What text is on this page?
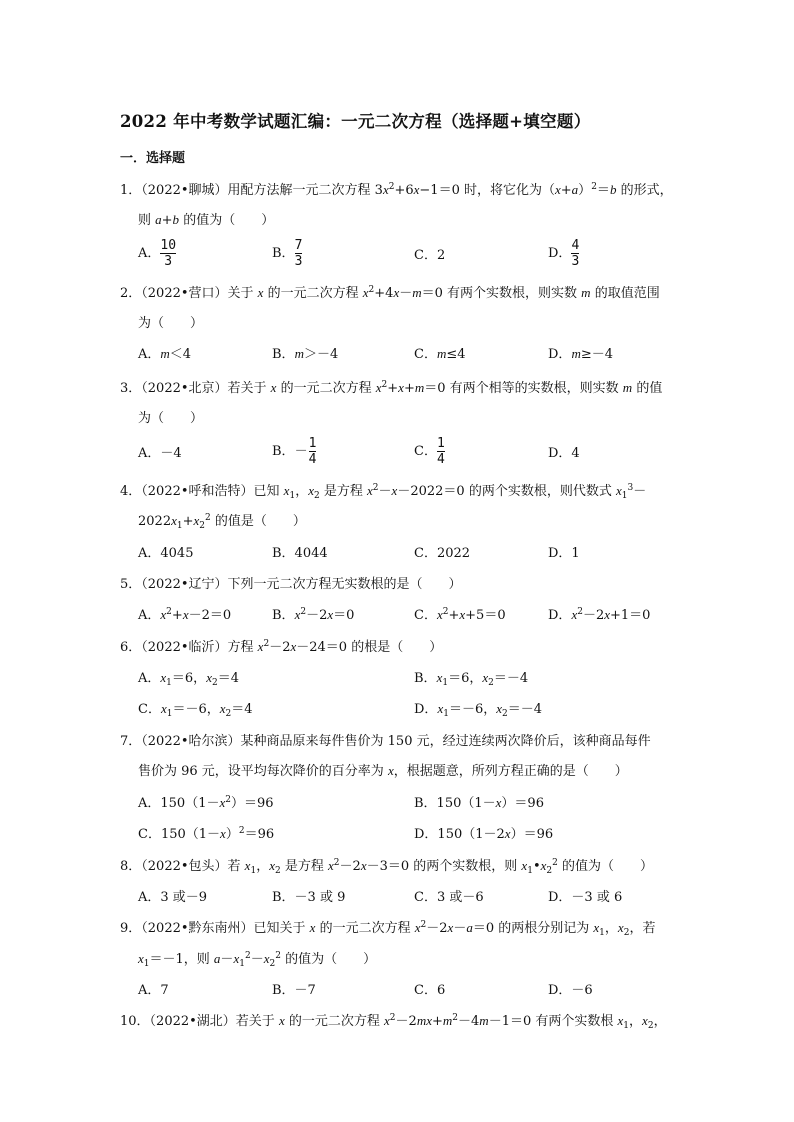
2022 年中考数学试题汇编：一元二次方程（选择题+填空题）
一．选择题
1．（2022•聊城）用配方法解一元二次方程 $3x^2+6x-1=0$ 时，将它化为$(x+a)^2=b$ 的形式，
则 a+b 的值为（　　）
A． $\frac{10}{3}$	B． $\frac{7}{3}$	C．2	D． $\frac{4}{3}$
2．（2022•营口）关于 x 的一元二次方程 $x^2+4x-m=0$ 有两个实数根，则实数 m 的取值范围
为（　　）
A．m＜4	B．m＞－4	C．m≤4	D．m≥－4
3．（2022•北京）若关于 x 的一元二次方程 $x^2+x+m=0$ 有两个相等的实数根，则实数 m 的值
为（　　）
A．－4	B．－ $\frac{1}{4}$	C． $\frac{1}{4}$	D．4
4．（2022•呼和浩特）已知 $x_1$，$x_2$ 是方程 $x^2-x-2022=0$ 的两个实数根，则代数式 $x_1^3-$
$2022x_1+x_2^2$ 的值是（　　）
A．4045	B．4044	C．2022	D．1
5．（2022•辽宁）下列一元二次方程无实数根的是（　　）
A．$x^2+x-2=0$	B．$x^2-2x=0$	C．$x^2+x+5=0$	D．$x^2-2x+1=0$
6．（2022•临沂）方程 $x^2-2x-24=0$ 的根是（　　）
A．$x_1=6$，$x_2=4$	B．$x_1=6$，$x_2=-4$
C．$x_1=-6$，$x_2=4$	D．$x_1=-6$，$x_2=-4$
7．（2022•哈尔滨）某种商品原来每件售价为 150 元，经过连续两次降价后，该种商品每件
售价为 96 元，设平均每次降价的百分率为 x，根据题意，所列方程正确的是（　　）
A．$150(1-x^2)=96$	B．150（1－x）＝96
C．$150(1-x)^2=96$	D．150（1－2x）＝96
8．（2022•包头）若 $x_1$，$x_2$ 是方程 $x^2-2x-3=0$ 的两个实数根，则 $x_1•x_2^2$ 的值为（　　）
A．3 或－9	B．－3 或 9	C．3 或－6	D．－3 或 6
9．（2022•黔东南州）已知关于 x 的一元二次方程 $x^2-2x-a=0$ 的两根分别记为 $x_1$，$x_2$，若
$x_1=-1$，则 $a-x_1^2-x_2^2$ 的值为（　　）
A．7	B．－7	C．6	D．－6
10．（2022•湖北）若关于 x 的一元二次方程 $x^2-2mx+m^2-4m-1=0$ 有两个实数根 $x_1$，$x_2$，
